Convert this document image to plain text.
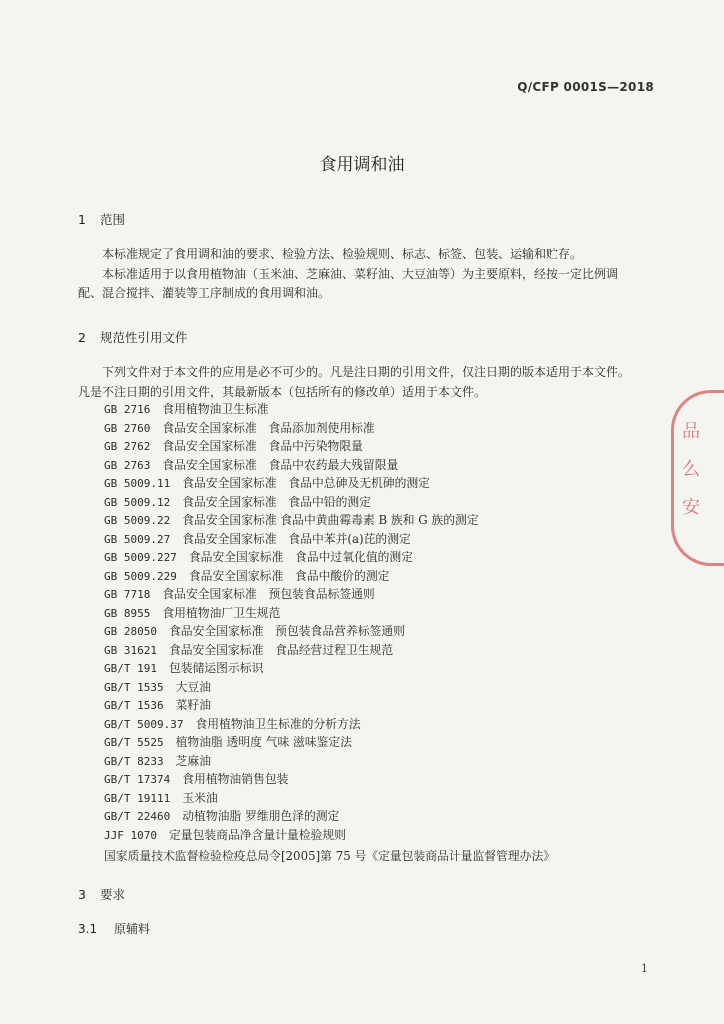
Q/CFP 0001S—2018
食用调和油
1 范围
本标准规定了食用调和油的要求、检验方法、检验规则、标志、标签、包装、运输和贮存。
本标准适用于以食用植物油（玉米油、芝麻油、菜籽油、大豆油等）为主要原料，经按一定比例调
配、混合搅拌、灌装等工序制成的食用调和油。
2 规范性引用文件
下列文件对于本文件的应用是必不可少的。凡是注日期的引用文件，仅注日期的版本适用于本文件。
凡是不注日期的引用文件，其最新版本（包括所有的修改单）适用于本文件。
GB 2716 食用植物油卫生标准
GB 2760 食品安全国家标准　食品添加剂使用标准
GB 2762 食品安全国家标准　食品中污染物限量
GB 2763 食品安全国家标准　食品中农药最大残留限量
GB 5009.11 食品安全国家标准　食品中总砷及无机砷的测定
GB 5009.12 食品安全国家标准　食品中铅的测定
GB 5009.22 食品安全国家标准 食品中黄曲霉毒素 B 族和 G 族的测定
GB 5009.27 食品安全国家标准　食品中苯并(a)芘的测定
GB 5009.227 食品安全国家标准　食品中过氧化值的测定
GB 5009.229 食品安全国家标准　食品中酸价的测定
GB 7718 食品安全国家标准　预包装食品标签通则
GB 8955 食用植物油厂卫生规范
GB 28050 食品安全国家标准　预包装食品营养标签通则
GB 31621 食品安全国家标准　食品经营过程卫生规范
GB/T 191 包装储运图示标识
GB/T 1535 大豆油
GB/T 1536 菜籽油
GB/T 5009.37 食用植物油卫生标准的分析方法
GB/T 5525 植物油脂 透明度 气味 滋味鉴定法
GB/T 8233 芝麻油
GB/T 17374 食用植物油销售包装
GB/T 19111 玉米油
GB/T 22460 动植物油脂 罗维朋色泽的测定
JJF 1070 定量包装商品净含量计量检验规则
国家质量技术监督检验检疫总局令[2005]第 75 号《定量包装商品计量监督管理办法》
3 要求
3.1 原辅料
1
品 么 安
